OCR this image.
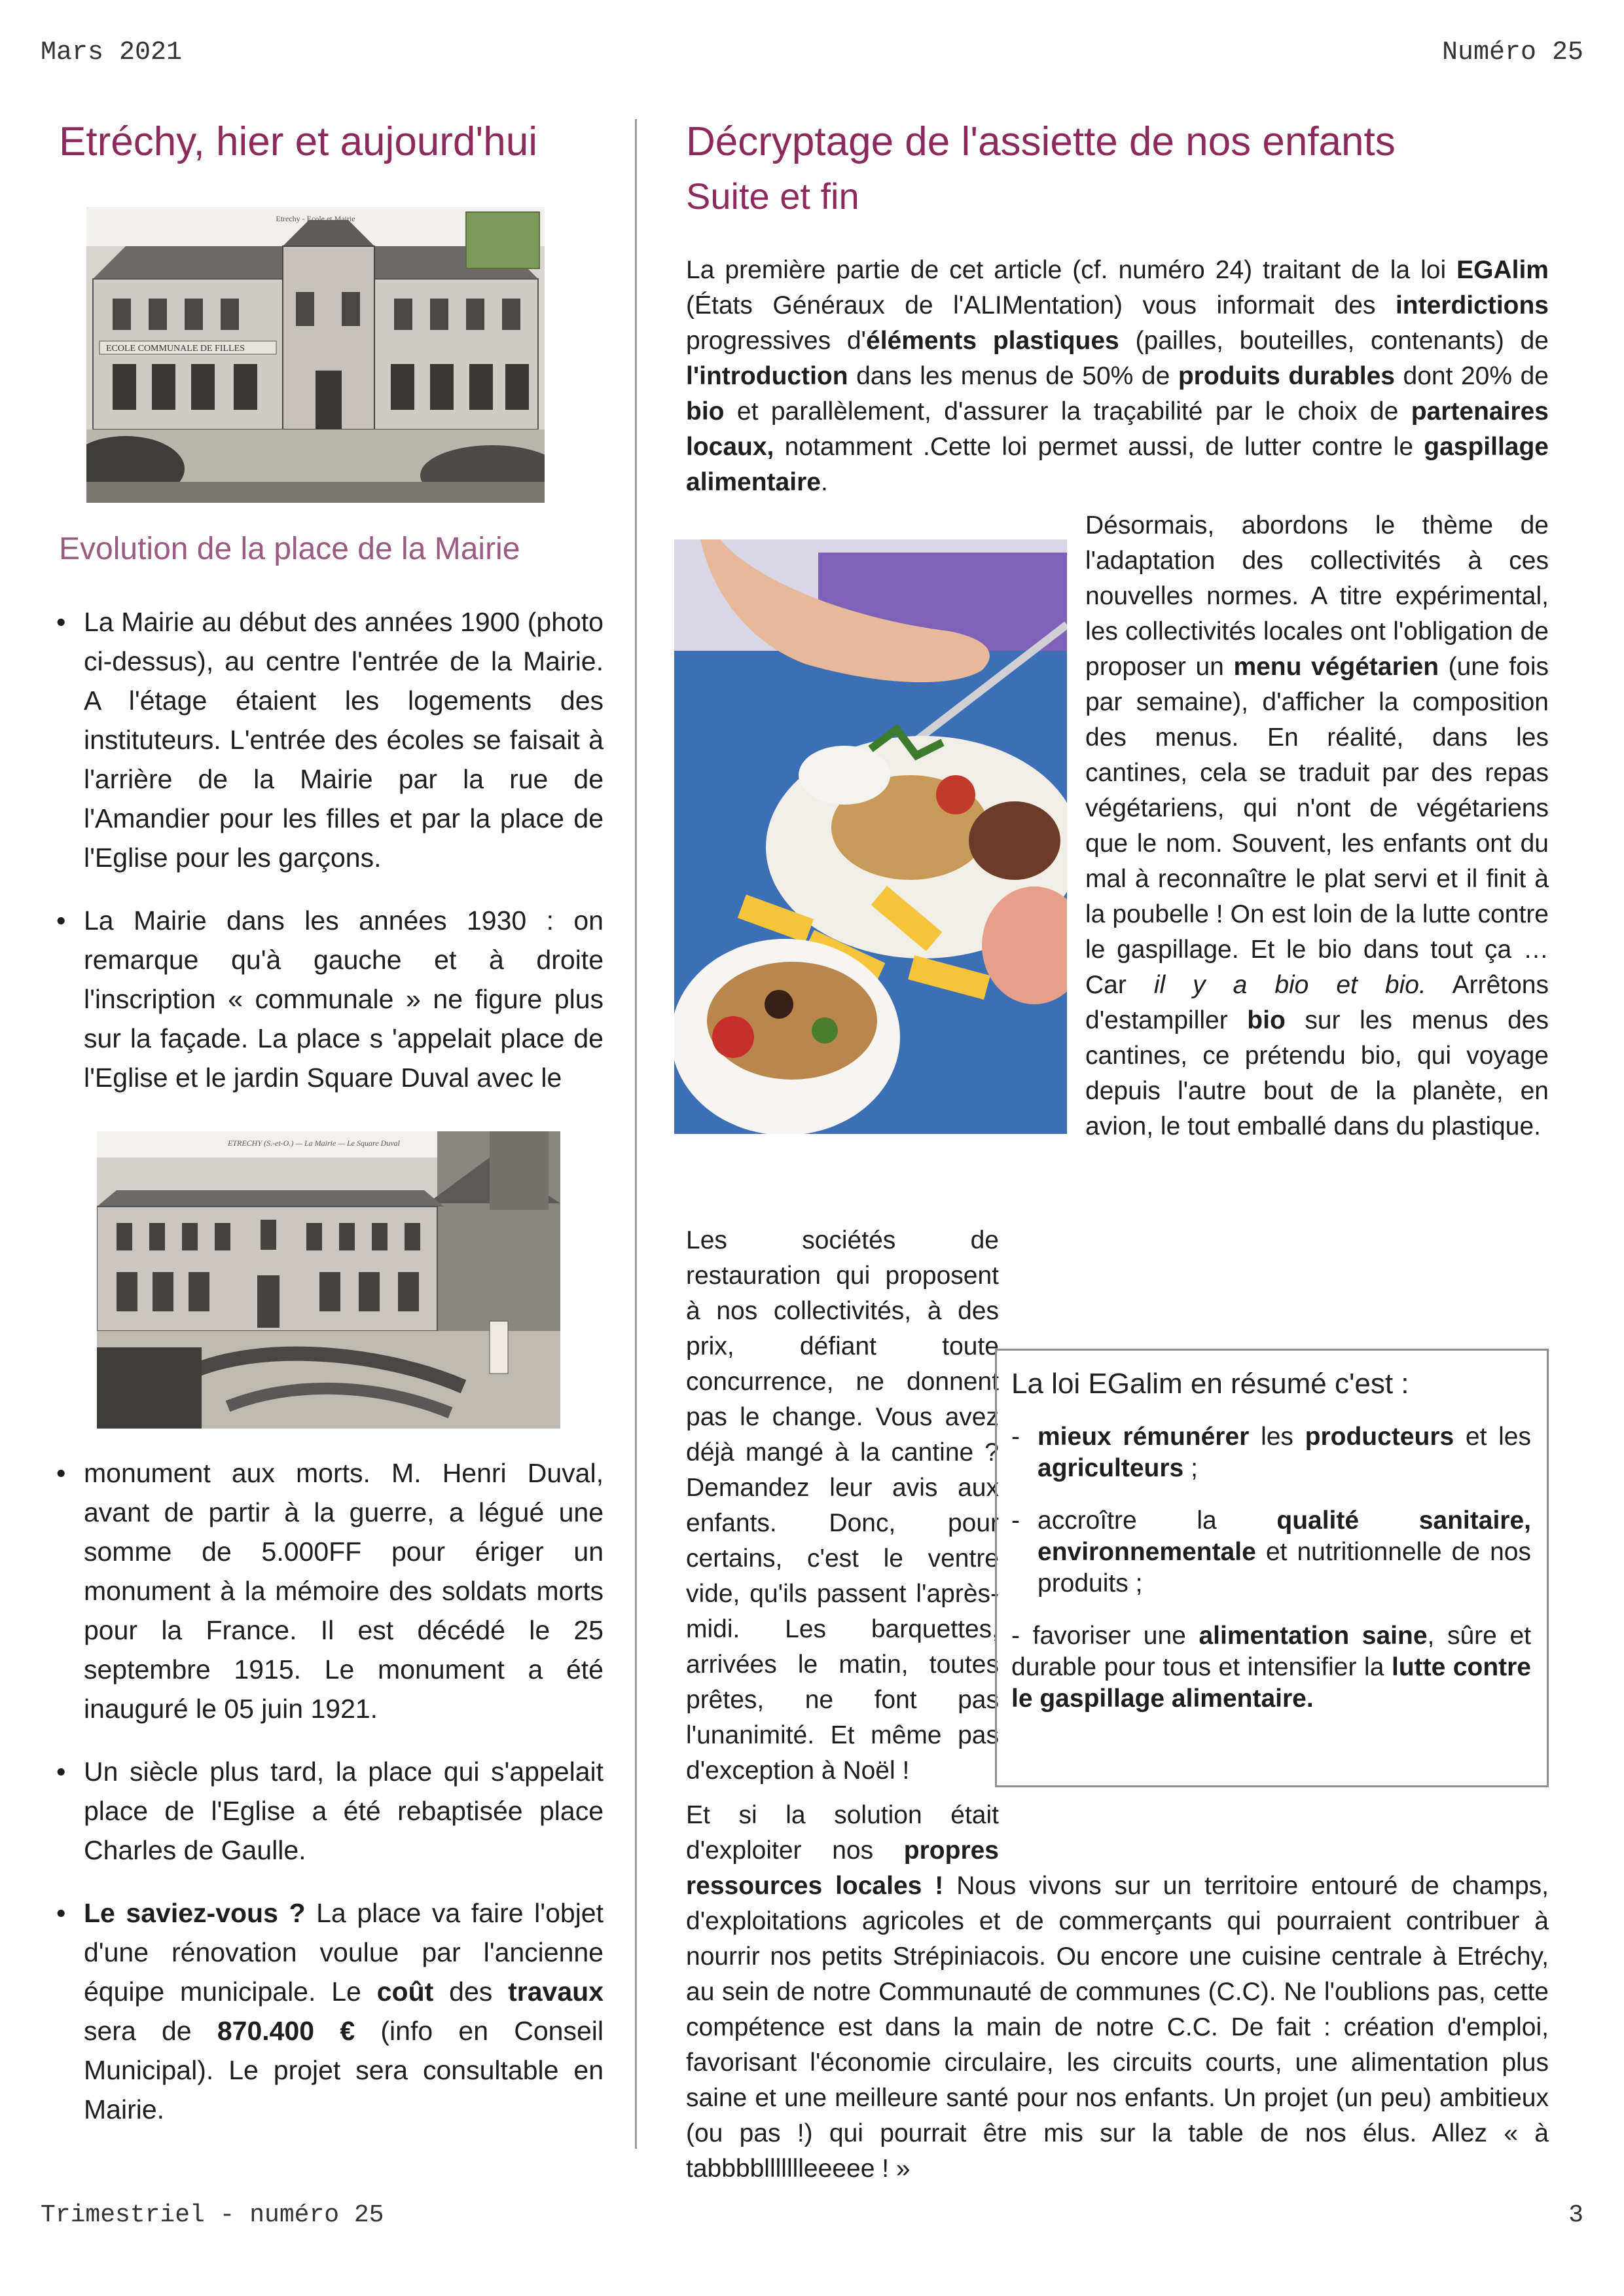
Mars 2021	Numéro 25
Etréchy, hier et aujourd'hui
ECOLE COMMUNALE DE FILLES
Etrechy - Ecole et Mairie
Evolution de la place de la Mairie
• La Mairie au début des années 1900 (photo ci-dessus), au centre l'entrée de la Mairie. A l'étage étaient les logements des instituteurs. L'entrée des écoles se faisait à l'arrière de la Mairie par la rue de l'Amandier pour les filles et par la place de l'Eglise pour les garçons.
• La Mairie dans les années 1930 : on remarque qu'à gauche et à droite l'inscription « communale » ne figure plus sur la façade. La place s 'appelait place de l'Eglise et le jardin Square Duval avec le
ETRECHY (S.-et-O.) — La Mairie — Le Square Duval
• monument aux morts. M. Henri Duval, avant de partir à la guerre, a légué une somme de 5.000FF pour ériger un monument à la mémoire des soldats morts pour la France. Il est décédé le 25 septembre 1915. Le monument a été inauguré le 05 juin 1921.
• Un siècle plus tard, la place qui s'appelait place de l'Eglise a été rebaptisée place Charles de Gaulle.
• Le saviez-vous ? La place va faire l'objet d'une rénovation voulue par l'ancienne équipe municipale. Le coût des travaux sera de 870.400 € (info en Conseil Municipal). Le projet sera consultable en Mairie.
Décryptage de l'assiette de nos enfants
Suite et fin
La première partie de cet article (cf. numéro 24) traitant de la loi EGAlim (États Généraux de l'ALIMentation) vous informait des interdictions progressives d'éléments plastiques (pailles, bouteilles, contenants) de l'introduction dans les menus de 50% de produits durables dont 20% de bio et parallèlement, d'assurer la traçabilité par le choix de partenaires locaux, notamment .Cette loi permet aussi, de lutter contre le gaspillage alimentaire.
Désormais, abordons le thème de l'adaptation des collectivités à ces nouvelles normes. A titre expérimental, les collectivités locales ont l'obligation de proposer un menu végétarien (une fois par semaine), d'afficher la composition des menus. En réalité, dans les cantines, cela se traduit par des repas végétariens, qui n'ont de végétariens que le nom. Souvent, les enfants ont du mal à reconnaître le plat servi et il finit à la poubelle ! On est loin de la lutte contre le gaspillage. Et le bio dans tout ça … Car il y a bio et bio. Arrêtons d'estampiller bio sur les menus des cantines, ce prétendu bio, qui voyage depuis l'autre bout de la planète, en avion, le tout emballé dans du plastique.
Les sociétés de restauration qui proposent à nos collectivités, à des prix, défiant toute concurrence, ne donnent pas le change. Vous avez déjà mangé à la cantine ? Demandez leur avis aux enfants. Donc, pour certains, c'est le ventre vide, qu'ils passent l'après-midi. Les barquettes, arrivées le matin, toutes prêtes, ne font pas l'unanimité. Et même pas d'exception à Noël !
Et si la solution était d'exploiter nos propres ressources locales ! Nous vivons sur un territoire entouré de champs, d'exploitations agricoles et de commerçants qui pourraient contribuer à nourrir nos petits Strépiniacois. Ou encore une cuisine centrale à Etréchy, au sein de notre Communauté de communes (C.C). Ne l'oublions pas, cette compétence est dans la main de notre C.C. De fait : création d'emploi, favorisant l'économie circulaire, les circuits courts, une alimentation plus saine et une meilleure santé pour nos enfants. Un projet (un peu) ambitieux (ou pas !) qui pourrait être mis sur la table de nos élus. Allez « à tabbbbllllllleeeee ! »
La loi EGalim en résumé c'est :
- mieux rémunérer les producteurs et les agriculteurs ;
- accroître la qualité sanitaire, environnementale et nutritionnelle de nos produits ;
- favoriser une alimentation saine, sûre et durable pour tous et intensifier la lutte contre le gaspillage alimentaire.
Trimestriel - numéro 25	3
